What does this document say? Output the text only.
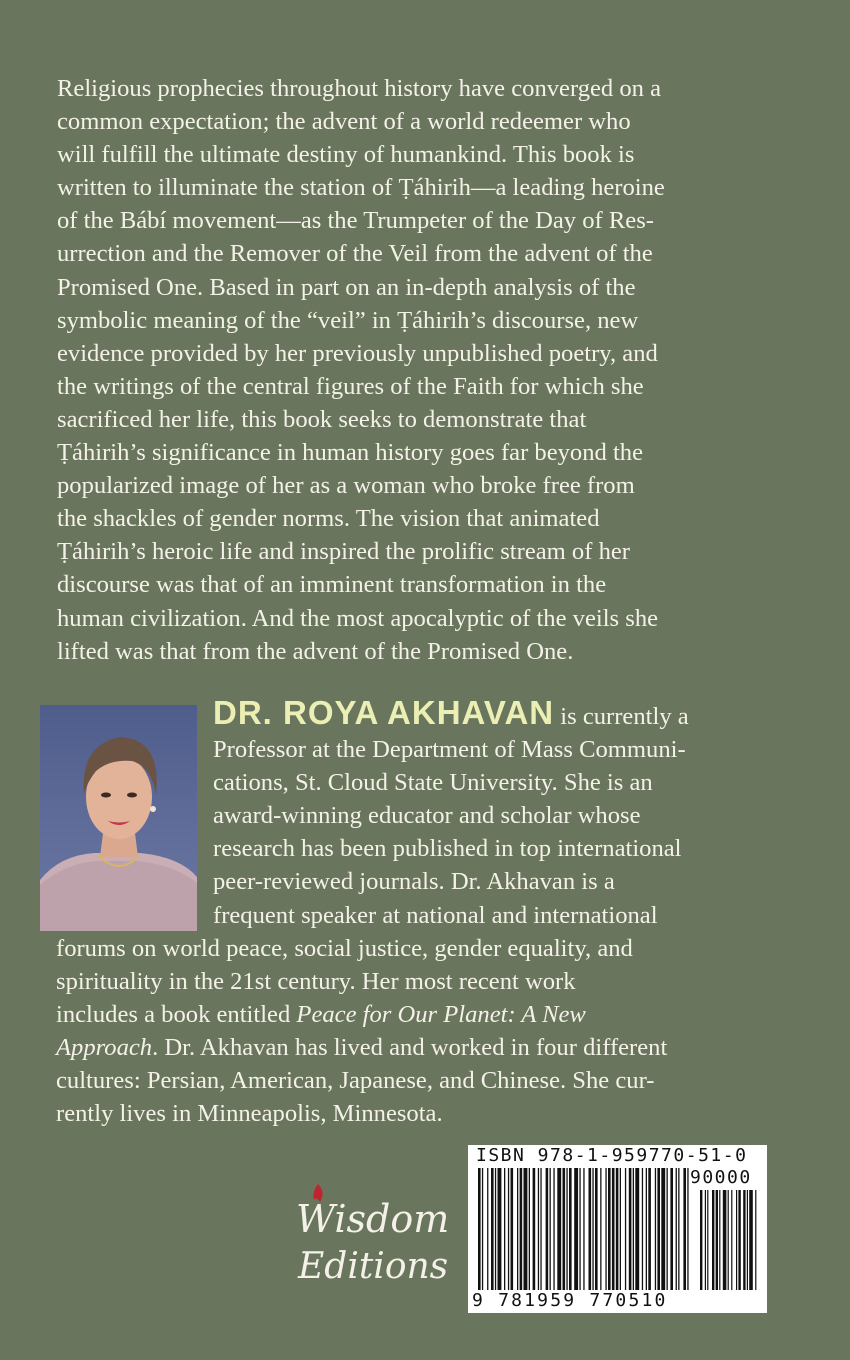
Religious prophecies throughout history have converged on a
common expectation; the advent of a world redeemer who
will fulfill the ultimate destiny of humankind. This book is
written to illuminate the station of Ṭáhirih—a leading heroine
of the Bábí movement—as the Trumpeter of the Day of Res-
urrection and the Remover of the Veil from the advent of the
Promised One. Based in part on an in-depth analysis of the
symbolic meaning of the “veil” in Ṭáhirih’s discourse, new
evidence provided by her previously unpublished poetry, and
the writings of the central figures of the Faith for which she
sacrificed her life, this book seeks to demonstrate that
Ṭáhirih’s significance in human history goes far beyond the
popularized image of her as a woman who broke free from
the shackles of gender norms. The vision that animated
Ṭáhirih’s heroic life and inspired the prolific stream of her
discourse was that of an imminent transformation in the
human civilization. And the most apocalyptic of the veils she
lifted was that from the advent of the Promised One.
DR. ROYA AKHAVAN is currently a
Professor at the Department of Mass Communi-
cations, St. Cloud State University. She is an
award-winning educator and scholar whose
research has been published in top international
peer-reviewed journals. Dr. Akhavan is a
frequent speaker at national and international
forums on world peace, social justice, gender equality, and
spirituality in the 21st century. Her most recent work
includes a book entitled Peace for Our Planet: A New
Approach. Dr. Akhavan has lived and worked in four different
cultures: Persian, American, Japanese, and Chinese. She cur-
rently lives in Minneapolis, Minnesota.
Wisdom
Editions
ISBN 978-1-959770-51-0
90000
9 781959 770510
